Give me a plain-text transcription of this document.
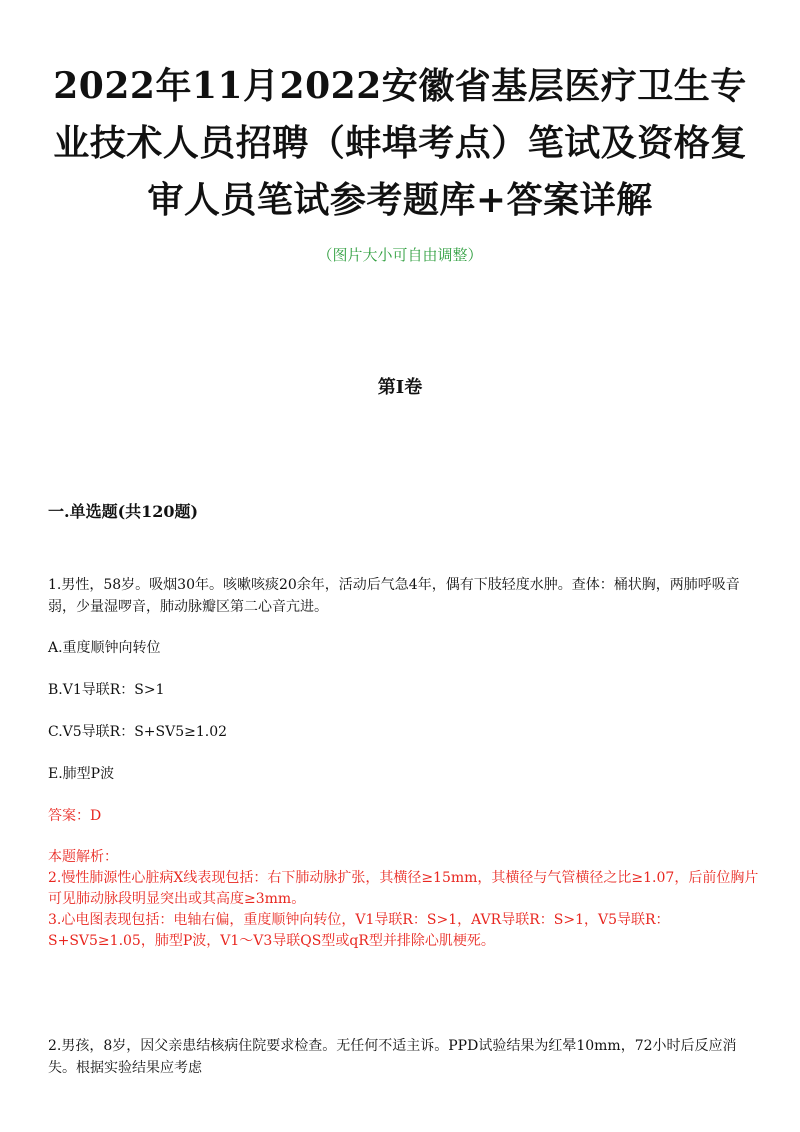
2022年11月2022安徽省基层医疗卫生专
业技术人员招聘（蚌埠考点）笔试及资格复
审人员笔试参考题库+答案详解
（图片大小可自由调整）
第I卷
一.单选题(共120题)
1.男性，58岁。吸烟30年。咳嗽咳痰20余年，活动后气急4年，偶有下肢轻度水肿。查体：桶状胸，两肺呼吸音弱，少量湿啰音，肺动脉瓣区第二心音亢进。
A.重度顺钟向转位
B.V1导联R：S>1
C.V5导联R：S+SV5≥1.02
E.肺型P波
答案：D
本题解析：
2.慢性肺源性心脏病X线表现包括：右下肺动脉扩张，其横径≥15mm，其横径与气管横径之比≥1.07，后前位胸片可见肺动脉段明显突出或其高度≥3mm。
3.心电图表现包括：电轴右偏，重度顺钟向转位，V1导联R：S>1，AVR导联R：S>1，V5导联R：S+SV5≥1.05，肺型P波，V1～V3导联QS型或qR型并排除心肌梗死。
2.男孩，8岁，因父亲患结核病住院要求检查。无任何不适主诉。PPD试验结果为红晕10mm，72小时后反应消失。根据实验结果应考虑
